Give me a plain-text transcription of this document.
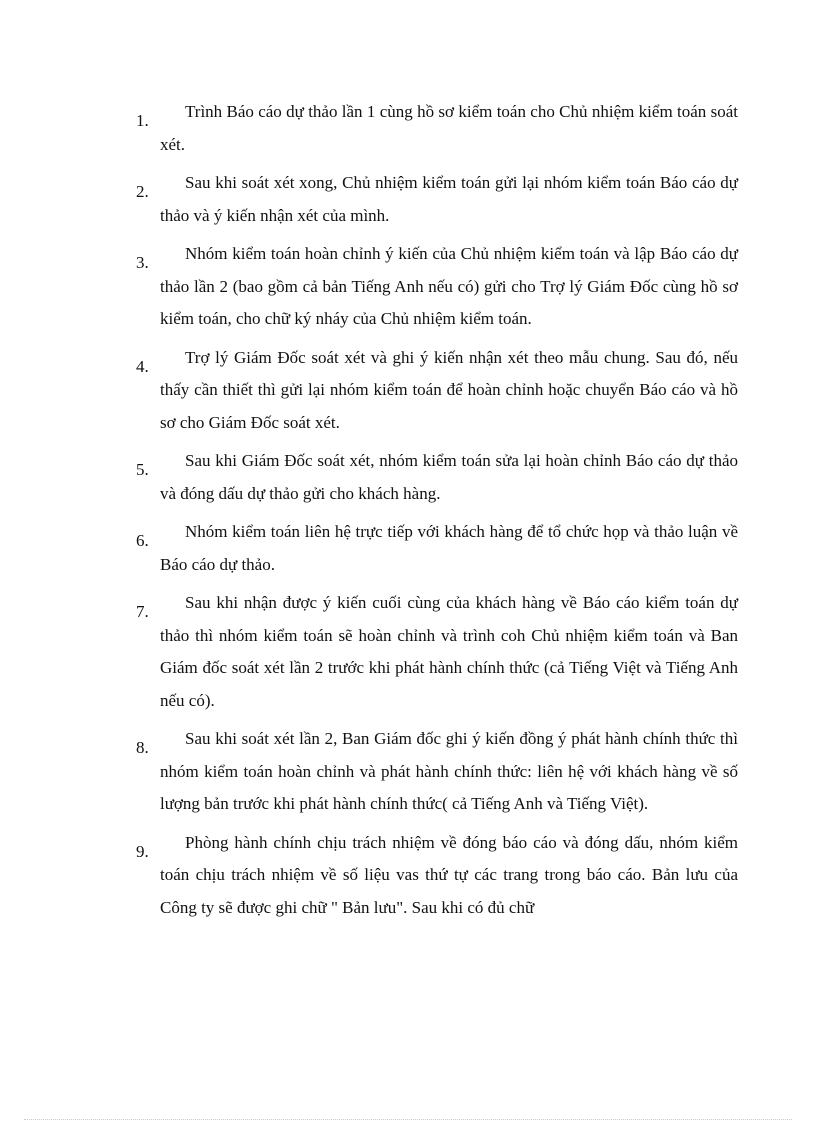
1.	Trình Báo cáo dự thảo lần 1 cùng hồ sơ kiểm toán cho Chủ nhiệm kiểm toán soát xét.
2.	Sau khi soát xét xong, Chủ nhiệm kiểm toán gửi lại nhóm kiểm toán Báo cáo dự thảo và ý kiến nhận xét của mình.
3.	Nhóm kiểm toán hoàn chỉnh ý kiến của Chủ nhiệm kiểm toán và lập Báo cáo dự thảo lần 2 (bao gồm cả bản Tiếng Anh nếu có) gửi cho Trợ lý Giám Đốc cùng hồ sơ kiểm toán, cho chữ ký nháy của Chủ nhiệm kiểm toán.
4.	Trợ lý Giám Đốc soát xét và ghi ý kiến nhận xét theo mẫu chung. Sau đó, nếu thấy cần thiết thì gửi lại nhóm kiểm toán để hoàn chỉnh hoặc chuyển Báo cáo và hồ sơ cho Giám Đốc soát xét.
5.	Sau khi Giám Đốc soát xét, nhóm kiểm toán sửa lại hoàn chỉnh Báo cáo dự thảo và đóng dấu dự thảo gửi cho khách hàng.
6.	Nhóm kiểm toán liên hệ trực tiếp với khách hàng để tổ chức họp và thảo luận về Báo cáo dự thảo.
7.	Sau khi nhận được ý kiến cuối cùng của khách hàng về Báo cáo kiểm toán dự thảo thì nhóm kiểm toán sẽ hoàn chỉnh và trình coh Chủ nhiệm kiểm toán và Ban Giám đốc soát xét lần 2 trước khi phát hành chính thức (cả Tiếng Việt và Tiếng Anh nếu có).
8.	Sau khi soát xét lần 2, Ban Giám đốc ghi ý kiến đồng ý phát hành chính thức thì nhóm kiểm toán hoàn chỉnh và phát hành chính thức: liên hệ với khách hàng về số lượng bản trước khi phát hành chính thức( cả Tiếng Anh và Tiếng Việt).
9.	Phòng hành chính chịu trách nhiệm về đóng báo cáo và đóng dấu, nhóm kiểm toán chịu trách nhiệm về số liệu vas thứ tự các trang trong báo cáo. Bản lưu của Công ty sẽ được ghi chữ " Bản lưu". Sau khi có đủ chữ
